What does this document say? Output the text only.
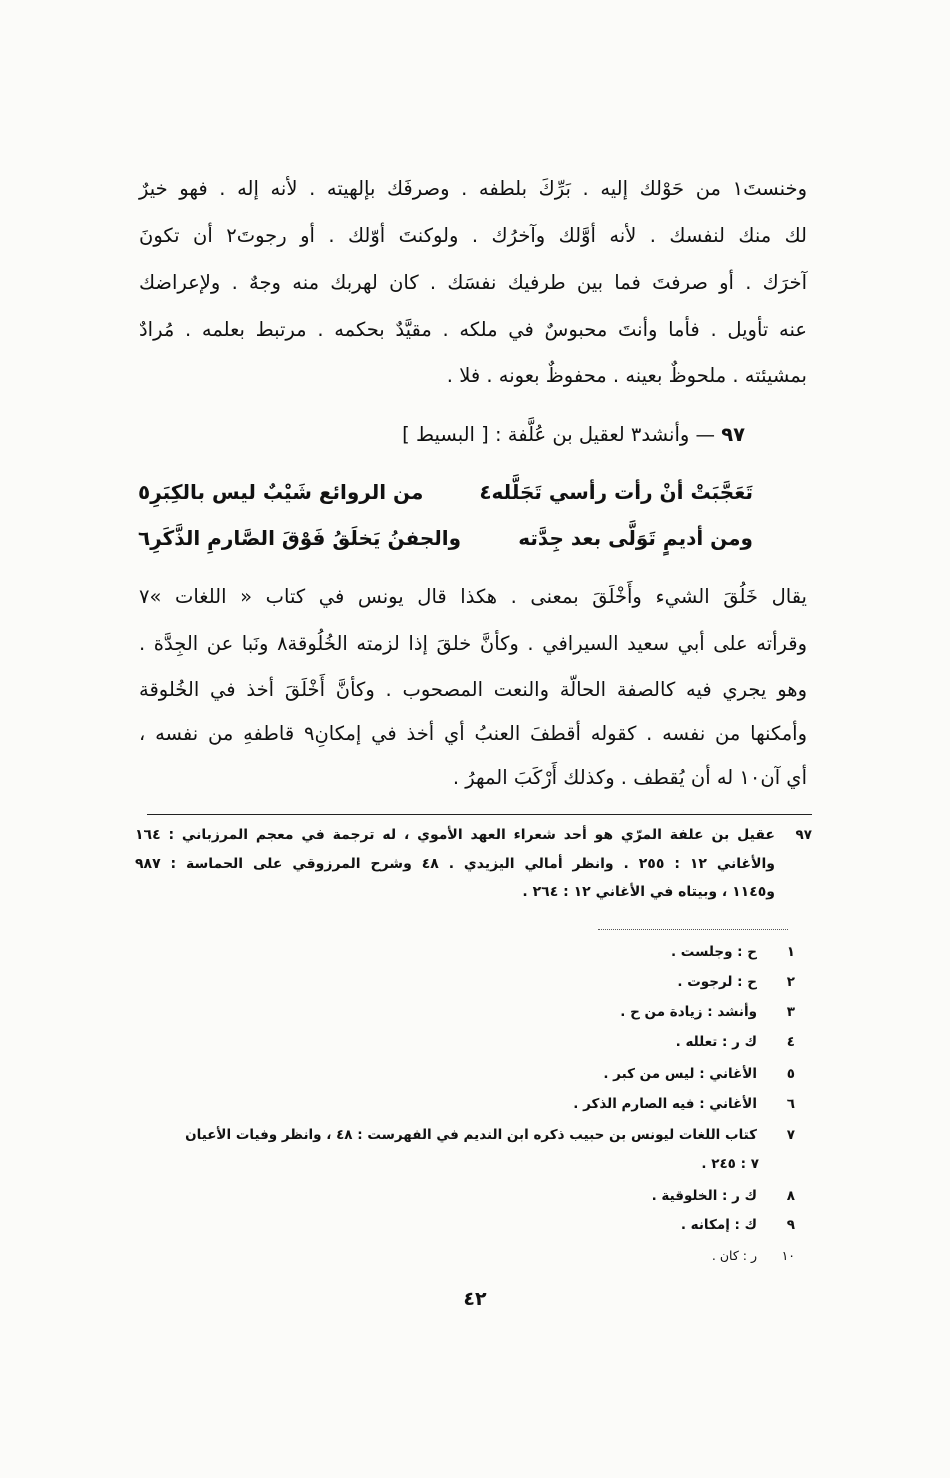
وخنستَ١ من حَوْلك إليه . بَرِّكَ بلطفه . وصرفَك بإلهيته . لأنه إله . فهو خيرٌ
لك منك لنفسك . لأنه أوَّلك وآخرُك . ولوكنتَ أوّلك . أو رجوتَ٢ أن تكونَ
آخرَك . أو صرفتَ فما بين طرفيك نفسَك . كان لهربك منه وجهٌ . ولإعراضك
عنه تأويل . فأما وأنتَ محبوسٌ في ملكه . مقيَّدٌ بحكمه . مرتبط بعلمه . مُرادٌ
بمشيئته . ملحوظٌ بعينه . محفوظٌ بعونه . فلا .
٩٧ — وأنشد٣ لعقيل بن عُلَّفة : [ البسيط ]
تَعَجَّبَتْ أنْ رأت رأسي تَجَلَّله٤
من الروائع شَيْبٌ ليس بالكِبَرِ٥
ومن أديمٍ تَوَلَّى بعد جِدَّته
والجفنُ يَخلَقُ فَوْقَ الصَّارمِ الذَّكَرِ٦
يقال خَلُقَ الشيء وأَخْلَقَ بمعنى . هكذا قال يونس في كتاب « اللغات »٧
وقرأته على أبي سعيد السيرافي . وكأنَّ خلقَ إذا لزمته الخُلُوقة٨ ونَبا عن الجِدَّة .
وهو يجري فيه كالصفة الحالّة والنعت المصحوب . وكأنَّ أَخْلَقَ أخذ في الخُلوقة
وأمكنها من نفسه . كقوله أقطفَ العنبُ أي أخذ في إمكانِ٩ قاطفهِ من نفسه ،
أي آن١٠ له أن يُقطف . وكذلك أَرْكَبَ المهرُ .
٩٧
عقيل بن علفة المرّي هو أحد شعراء العهد الأموي ، له ترجمة في معجم المرزباني : ١٦٤
والأغاني ١٢ : ٢٥٥ . وانظر أمالي اليزيدي . ٤٨ وشرح المرزوقي على الحماسة : ٩٨٧
و١١٤٥ ، وبيتاه في الأغاني ١٢ : ٢٦٤ .
١ح : وجلست .
٢ح : لرجوت .
٣وأنشد : زيادة من ح .
٤ك ر : تعلله .
٥الأغاني : ليس من كبر .
٦الأغاني : فيه الصارم الذكر .
٧كتاب اللغات ليونس بن حبيب ذكره ابن النديم في الفهرست : ٤٨ ، وانظر وفيات الأعيان
٧ : ٢٤٥ .
٨ك ر : الخلوقية .
٩ك : إمكانه .
١٠ر : كان .
٤٢
